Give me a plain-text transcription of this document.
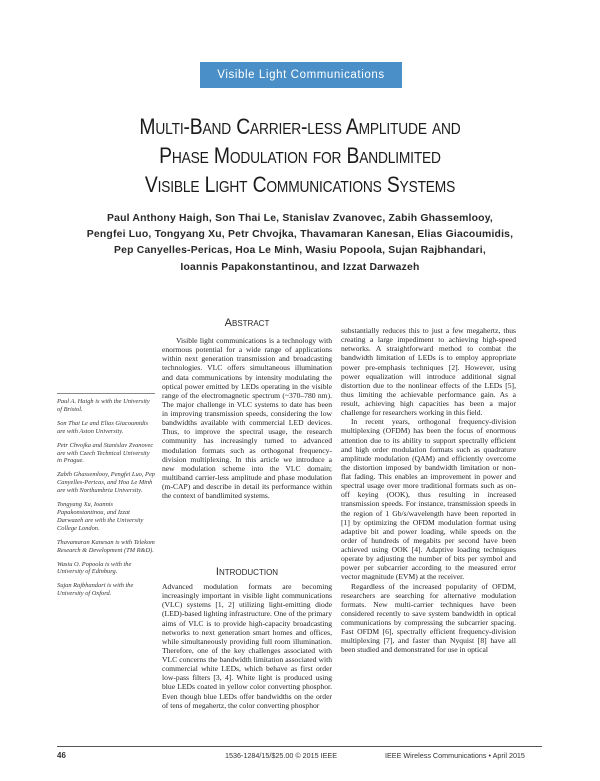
Visible Light Communications
Multi-Band Carrier-less Amplitude and
Phase Modulation for Bandlimited
Visible Light Communications Systems
Paul Anthony Haigh, Son Thai Le, Stanislav Zvanovec, Zabih Ghassemlooy,
Pengfei Luo, Tongyang Xu, Petr Chvojka, Thavamaran Kanesan, Elias Giacoumidis,
Pep Canyelles-Pericas, Hoa Le Minh, Wasiu Popoola, Sujan Rajbhandari,
Ioannis Papakonstantinou, and Izzat Darwazeh
Abstract
Visible light communications is a technology with enormous potential for a wide range of applications within next generation transmission and broadcasting technologies. VLC offers simultaneous illumination and data communications by intensity modulating the optical power emitted by LEDs operating in the visible range of the electromagnetic spectrum (~370–780 nm). The major challenge in VLC systems to date has been in improving transmission speeds, considering the low bandwidths available with commercial LED devices. Thus, to improve the spectral usage, the research community has increasingly turned to advanced modulation formats such as orthogonal frequency-division multiplexing. In this article we introduce a new modulation scheme into the VLC domain; multiband carrier-less amplitude and phase modulation (m-CAP) and describe in detail its performance within the context of bandlimited systems.
Introduction
Advanced modulation formats are becoming increasingly important in visible light communications (VLC) systems [1, 2] utilizing light-emitting diode (LED)-based lighting infrastructure. One of the primary aims of VLC is to provide high-capacity broadcasting networks to next generation smart homes and offices, while simultaneously providing full room illumination. Therefore, one of the key challenges associated with VLC concerns the bandwidth limitation associated with commercial white LEDs, which behave as first order low-pass filters [3, 4]. White light is produced using blue LEDs coated in yellow color converting phosphor. Even though blue LEDs offer bandwidths on the order of tens of megahertz, the color converting phosphor

substantially reduces this to just a few megahertz, thus creating a large impediment to achieving high-speed networks. A straightforward method to combat the bandwidth limitation of LEDs is to employ appropriate power pre-emphasis techniques [2]. However, using power equalization will introduce additional signal distortion due to the nonlinear effects of the LEDs [5], thus limiting the achievable performance gain. As a result, achieving high capacities has been a major challenge for researchers working in this field.

In recent years, orthogonal frequency-division multiplexing (OFDM) has been the focus of enormous attention due to its ability to support spectrally efficient and high order modulation formats such as quadrature amplitude modulation (QAM) and efficiently overcome the distortion imposed by bandwidth limitation or non-flat fading. This enables an improvement in power and spectral usage over more traditional formats such as on-off keying (OOK), thus resulting in increased transmission speeds. For instance, transmission speeds in the region of 1 Gb/s/wavelength have been reported in [1] by optimizing the OFDM modulation format using adaptive bit and power loading, while speeds on the order of hundreds of megabits per second have been achieved using OOK [4]. Adaptive loading techniques operate by adjusting the number of bits per symbol and power per subcarrier according to the measured error vector magnitude (EVM) at the receiver.

Regardless of the increased popularity of OFDM, researchers are searching for alternative modulation formats. New multi-carrier techniques have been considered recently to save system bandwidth in optical communications by compressing the subcarrier spacing. Fast OFDM [6], spectrally efficient frequency-division multiplexing [7], and faster than Nyquist [8] have all been studied and demonstrated for use in optical

Paul A. Haigh is with the University of Bristol.

Son Thai Le and Elias Giacoumidis are with Aston University.

Petr Chvojka and Stanislav Zvanovec are with Czech Technical University in Prague.

Zabih Ghassemlooy, Pengfei Luo, Pep Canyelles-Pericas, and Hoa Le Minh are with Northumbria University.

Tongyang Xu, Ioannis Papakonstantinou, and Izzat Darwazeh are with the University College London.

Thavamaran Kanesan is with Telekom Research & Development (TM R&D).

Wasiu O. Popoola is with the University of Edinburg.

Sujan Rajbhandari is with the University of Oxford.

46	1536-1284/15/$25.00 © 2015 IEEE	IEEE Wireless Communications • April 2015
